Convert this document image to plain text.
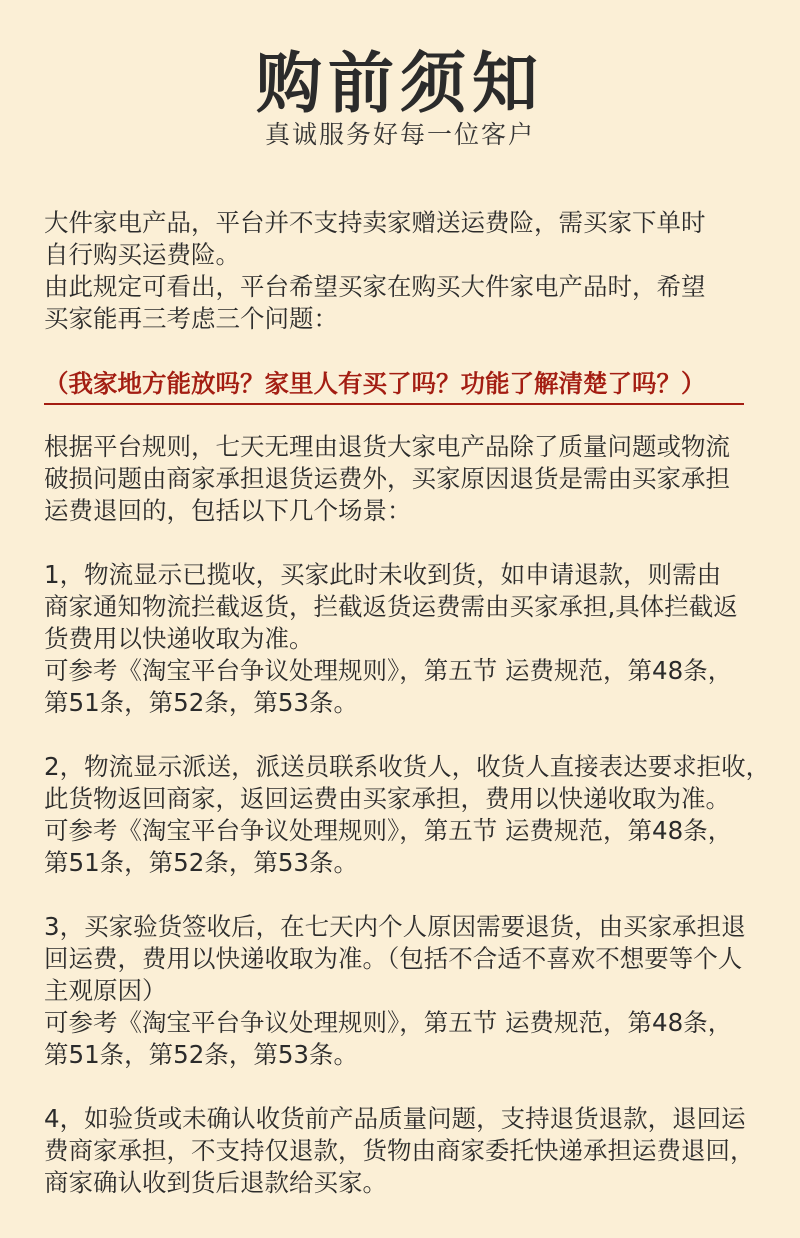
购前须知
真诚服务好每一位客户

大件家电产品，平台并不支持卖家赠送运费险，需买家下单时
自行购买运费险。

由此规定可看出，平台希望买家在购买大件家电产品时，希望
买家能再三考虑三个问题：

（我家地方能放吗？家里人有买了吗？功能了解清楚了吗？）

根据平台规则，七天无理由退货大家电产品除了质量问题或物流
破损问题由商家承担退货运费外，买家原因退货是需由买家承担
运费退回的，包括以下几个场景：

1，物流显示已揽收，买家此时未收到货，如申请退款，则需由
商家通知物流拦截返货，拦截返货运费需由买家承担,具体拦截返
货费用以快递收取为准。

可参考《淘宝平台争议处理规则》，第五节 运费规范，第48条，
第51条，第52条，第53条。

2，物流显示派送，派送员联系收货人，收货人直接表达要求拒收，
此货物返回商家，返回运费由买家承担，费用以快递收取为准。

可参考《淘宝平台争议处理规则》，第五节 运费规范，第48条，
第51条，第52条，第53条。

3，买家验货签收后，在七天内个人原因需要退货，由买家承担退
回运费，费用以快递收取为准。（包括不合适不喜欢不想要等个人
主观原因）

可参考《淘宝平台争议处理规则》，第五节 运费规范，第48条，
第51条，第52条，第53条。

4，如验货或未确认收货前产品质量问题，支持退货退款，退回运
费商家承担，不支持仅退款，货物由商家委托快递承担运费退回，
商家确认收到货后退款给买家。
